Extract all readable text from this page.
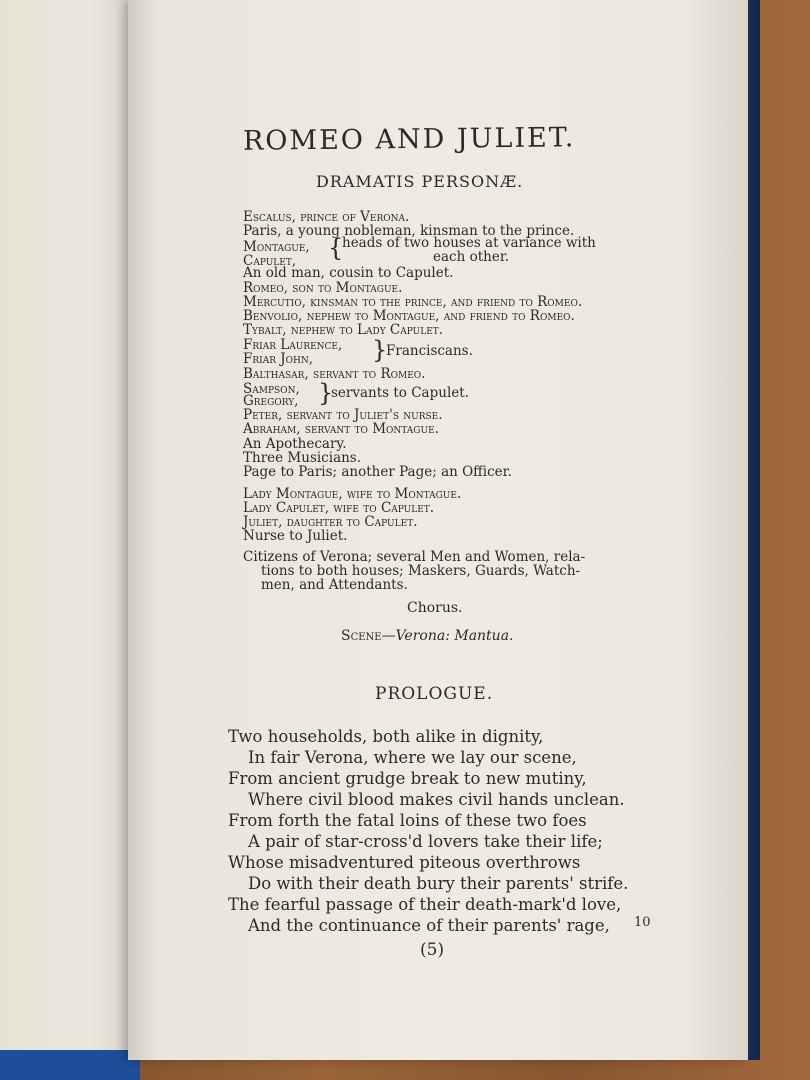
ROMEO AND JULIET.
DRAMATIS PERSONÆ.
Escalus, prince of Verona.
Paris, a young nobleman, kinsman to the prince.
Montague, {
heads of two houses at variance with
Capulet,	each other.
An old man, cousin to Capulet.
Romeo, son to Montague.
Mercutio, kinsman to the prince, and friend to Romeo.
Benvolio, nephew to Montague, and friend to Romeo.
Tybalt, nephew to Lady Capulet.
Friar Laurence, }
Franciscans.
Friar John,
Balthasar, servant to Romeo.
Sampson, }
servants to Capulet.
Gregory,
Peter, servant to Juliet's nurse.
Abraham, servant to Montague.
An Apothecary.
Three Musicians.
Page to Paris; another Page; an Officer.
Lady Montague, wife to Montague.
Lady Capulet, wife to Capulet.
Juliet, daughter to Capulet.
Nurse to Juliet.
Citizens of Verona; several Men and Women, rela-
tions to both houses; Maskers, Guards, Watch-
men, and Attendants.
Chorus.
Scene—Verona: Mantua.
PROLOGUE.
Two households, both alike in dignity,
In fair Verona, where we lay our scene,
From ancient grudge break to new mutiny,
Where civil blood makes civil hands unclean.
From forth the fatal loins of these two foes
A pair of star-cross'd lovers take their life;
Whose misadventured piteous overthrows
Do with their death bury their parents' strife.
The fearful passage of their death-mark'd love,
And the continuance of their parents' rage, 10
(5)
